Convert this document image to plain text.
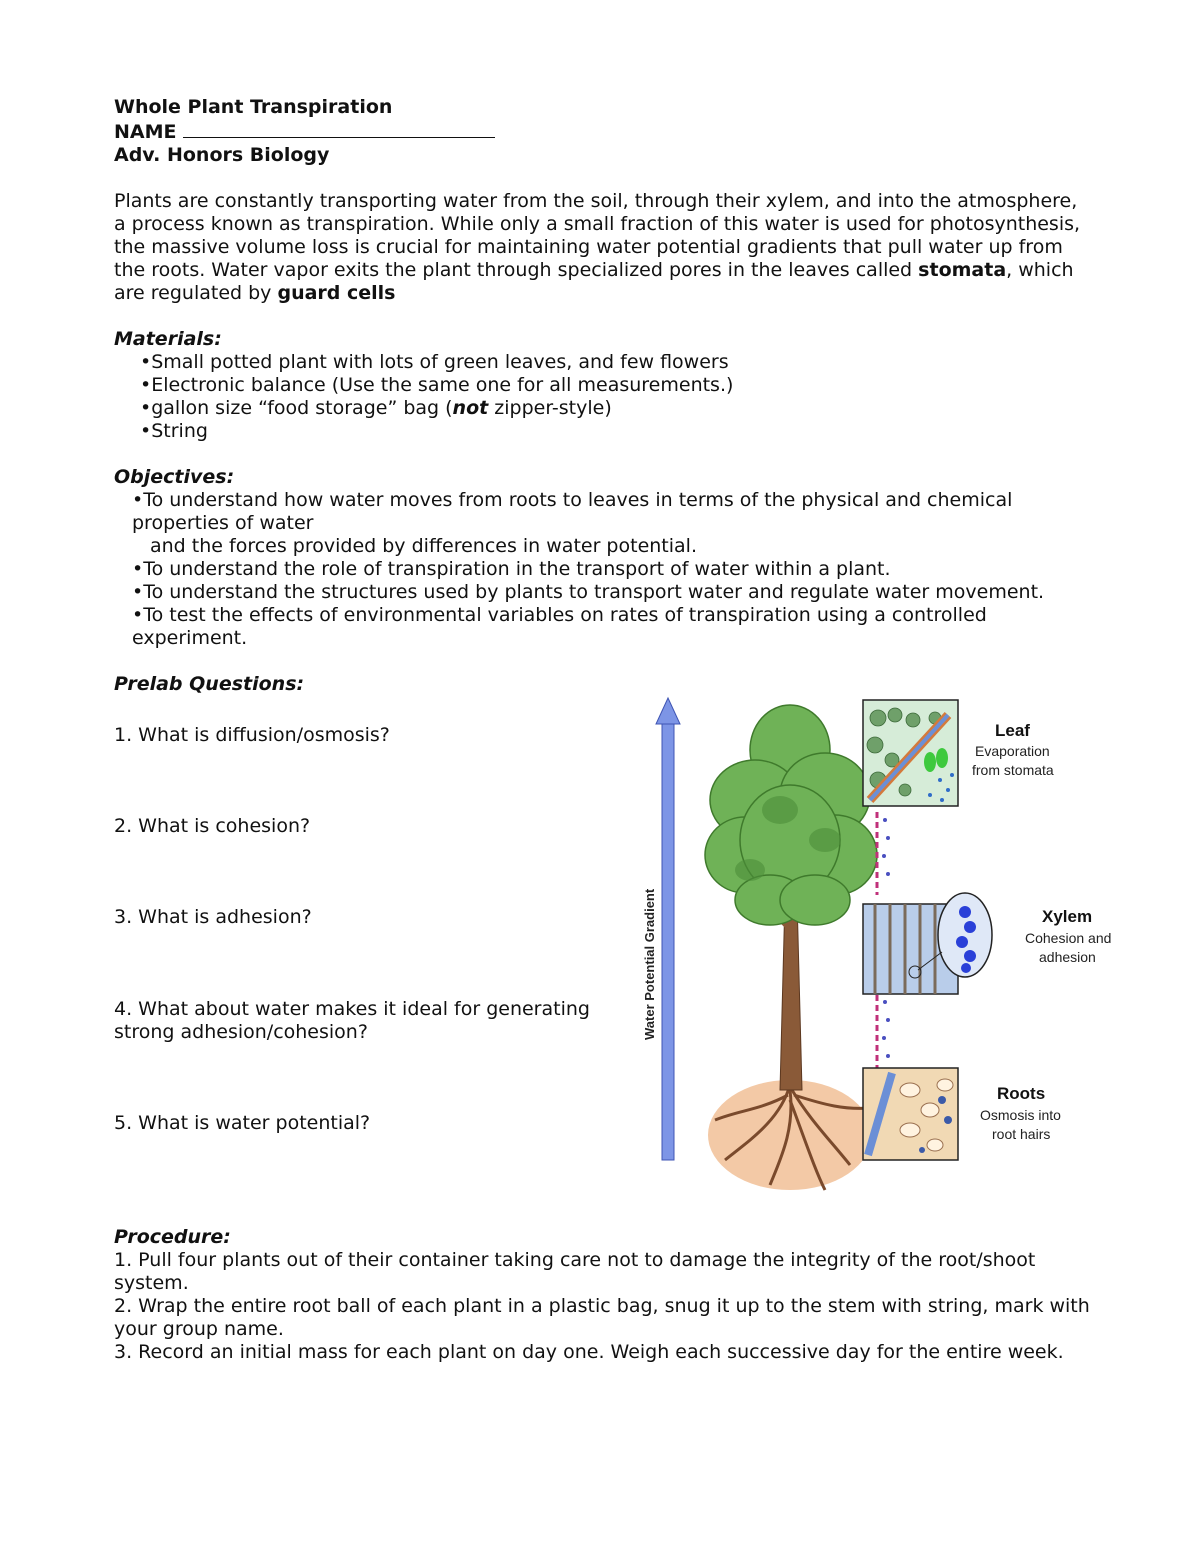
Whole Plant Transpiration

NAME

Adv. Honors Biology

Plants are constantly transporting water from the soil, through their xylem, and into the atmosphere, a process known as transpiration. While only a small fraction of this water is used for photosynthesis, the massive volume loss is crucial for maintaining water potential gradients that pull water up from the roots. Water vapor exits the plant through specialized pores in the leaves called stomata, which are regulated by guard cells

Materials:

• Small potted plant with lots of green leaves, and few flowers
• Electronic balance (Use the same one for all measurements.)
• gallon size “food storage” bag (not zipper-style)
• String

Objectives:

• To understand how water moves from roots to leaves in terms of the physical and chemical properties of water
and the forces provided by differences in water potential.
• To understand the role of transpiration in the transport of water within a plant.
• To understand the structures used by plants to transport water and regulate water movement.
• To test the effects of environmental variables on rates of transpiration using a controlled experiment.

Prelab Questions:

1. What is diffusion/osmosis?

2. What is cohesion?

3. What is adhesion?

4. What about water makes it ideal for generating strong adhesion/cohesion?

5. What is water potential?

Water Potential Gradient
Leaf
Evaporation
from stomata
Xylem
Cohesion and
adhesion
Roots
Osmosis into
root hairs

Procedure:

1. Pull four plants out of their container taking care not to damage the integrity of the root/shoot system.

2. Wrap the entire root ball of each plant in a plastic bag, snug it up to the stem with string, mark with your group name.

3. Record an initial mass for each plant on day one. Weigh each successive day for the entire week.
